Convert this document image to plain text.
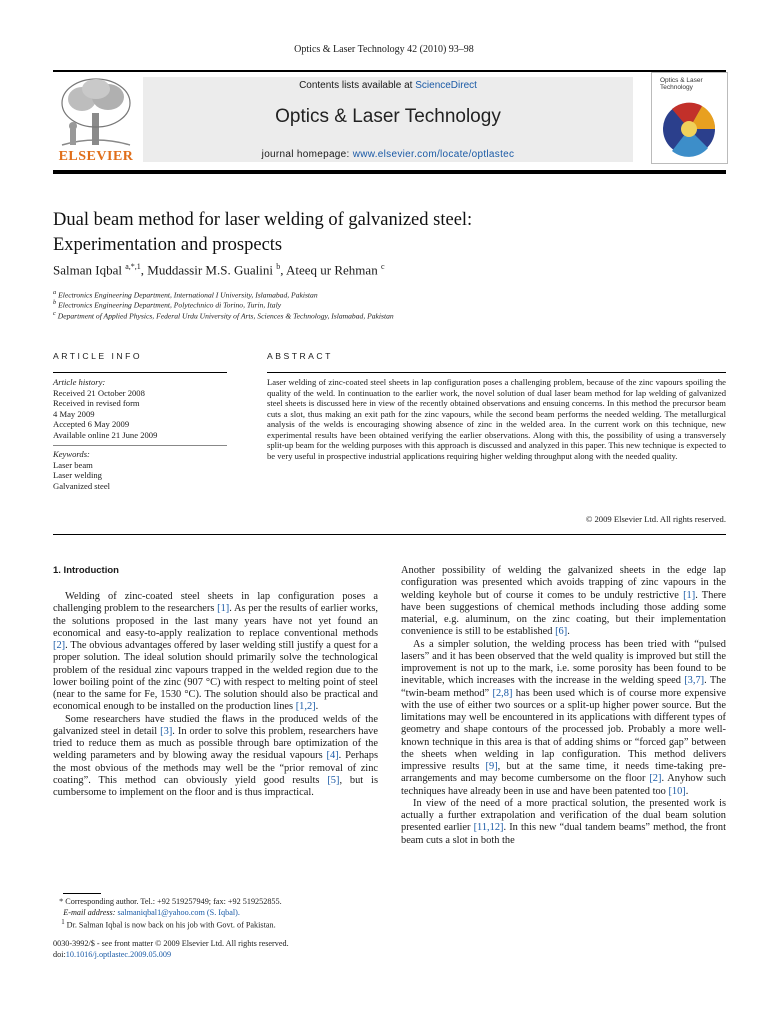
Optics & Laser Technology 42 (2010) 93–98
ELSEVIER
Contents lists available at ScienceDirect
Optics & Laser Technology
journal homepage: www.elsevier.com/locate/optlastec
Optics & Laser Technology
Dual beam method for laser welding of galvanized steel:
Experimentation and prospects
Salman Iqbal $^{a,*,1}$, Muddassir M.S. Gualini $^b$, Ateeq ur Rehman $^c$
$^a$ Electronics Engineering Department, International I University, Islamabad, Pakistan
$^b$ Electronics Engineering Department, Polytechnico di Torino, Turin, Italy
$^c$ Department of Applied Physics, Federal Urdu University of Arts, Sciences & Technology, Islamabad, Pakistan
ARTICLE INFO
Article history:
Received 21 October 2008
Received in revised form
4 May 2009
Accepted 6 May 2009
Available online 21 June 2009
Keywords:
Laser beam
Laser welding
Galvanized steel
ABSTRACT
Laser welding of zinc-coated steel sheets in lap configuration poses a challenging problem, because of the zinc vapours spoiling the quality of the weld. In continuation to the earlier work, the novel solution of dual laser beam method for lap welding of galvanized steel sheets is discussed here in view of the recently obtained observations and ensuing concerns. In this method the precursor beam cuts a slot, thus making an exit path for the zinc vapours, while the second beam performs the needed welding. The metallurgical analysis of the welds is encouraging showing absence of zinc in the welded area. In the current work on this technique, new experimental results have been obtained verifying the earlier observations. Along with this, the possibility of using a transversely split-up beam for the welding purposes with this approach is discussed and analyzed in this paper. This new technique is expected to be very useful in prospective industrial applications requiring higher welding throughput along with the needed quality.
© 2009 Elsevier Ltd. All rights reserved.
1. Introduction

Welding of zinc-coated steel sheets in lap configuration poses a challenging problem to the researchers [1]. As per the results of earlier works, the solutions proposed in the last many years have not yet found an economical and easy-to-apply realization to replace conventional methods [2]. The obvious advantages offered by laser welding still justify a quest for a proper solution. The ideal solution should primarily solve the technological problem of the residual zinc vapours trapped in the welded region due to the lower boiling point of the zinc (907 °C) with respect to melting point of steel (near to the same for Fe, 1530 °C). The solution should also be practical and economical enough to be installed on the production lines [1,2].

Some researchers have studied the flaws in the produced welds of the galvanized steel in detail [3]. In order to solve this problem, researchers have tried to reduce them as much as possible through bare optimization of the welding parameters and by blowing away the residual vapours [4]. Perhaps the most obvious of the methods may well be the “prior removal of zinc coating”. This method can obviously yield good results [5], but is cumbersome to implement on the floor and is thus impractical.

Another possibility of welding the galvanized sheets in the edge lap configuration was presented which avoids trapping of zinc vapours in the welding keyhole but of course it comes to be unduly restrictive [1]. There have been suggestions of chemical methods including those adding some material, e.g. aluminum, on the zinc coating, but their implementation convenience is still to be established [6].

As a simpler solution, the welding process has been tried with “pulsed lasers” and it has been observed that the weld quality is improved but still the improvement is not up to the mark, i.e. some porosity has been found to be inevitable, which increases with the increase in the welding speed [3,7]. The “twin-beam method” [2,8] has been used which is of course more expensive with the use of either two sources or a split-up higher power source. But the limitations may well be encountered in its applications with different types of geometry and shape contours of the processed job. Probably a more well-known technique in this area is that of adding shims or “forced gap” between the sheets when welding in lap configuration. This method delivers impressive results [9], but at the same time, it needs time-taking pre-arrangements and may become cumbersome on the floor [2]. Anyhow such techniques have already been in use and have been patented too [10].

In view of the need of a more practical solution, the presented work is actually a further extrapolation and verification of the dual beam solution presented earlier [11,12]. In this new “dual tandem beams” method, the front beam cuts a slot in both the

* Corresponding author. Tel.: +92 519257949; fax: +92 519252855.
E-mail address: salmaniqbal1@yahoo.com (S. Iqbal).
$^1$ Dr. Salman Iqbal is now back on his job with Govt. of Pakistan.
0030-3992/$ - see front matter © 2009 Elsevier Ltd. All rights reserved.
doi:10.1016/j.optlastec.2009.05.009
